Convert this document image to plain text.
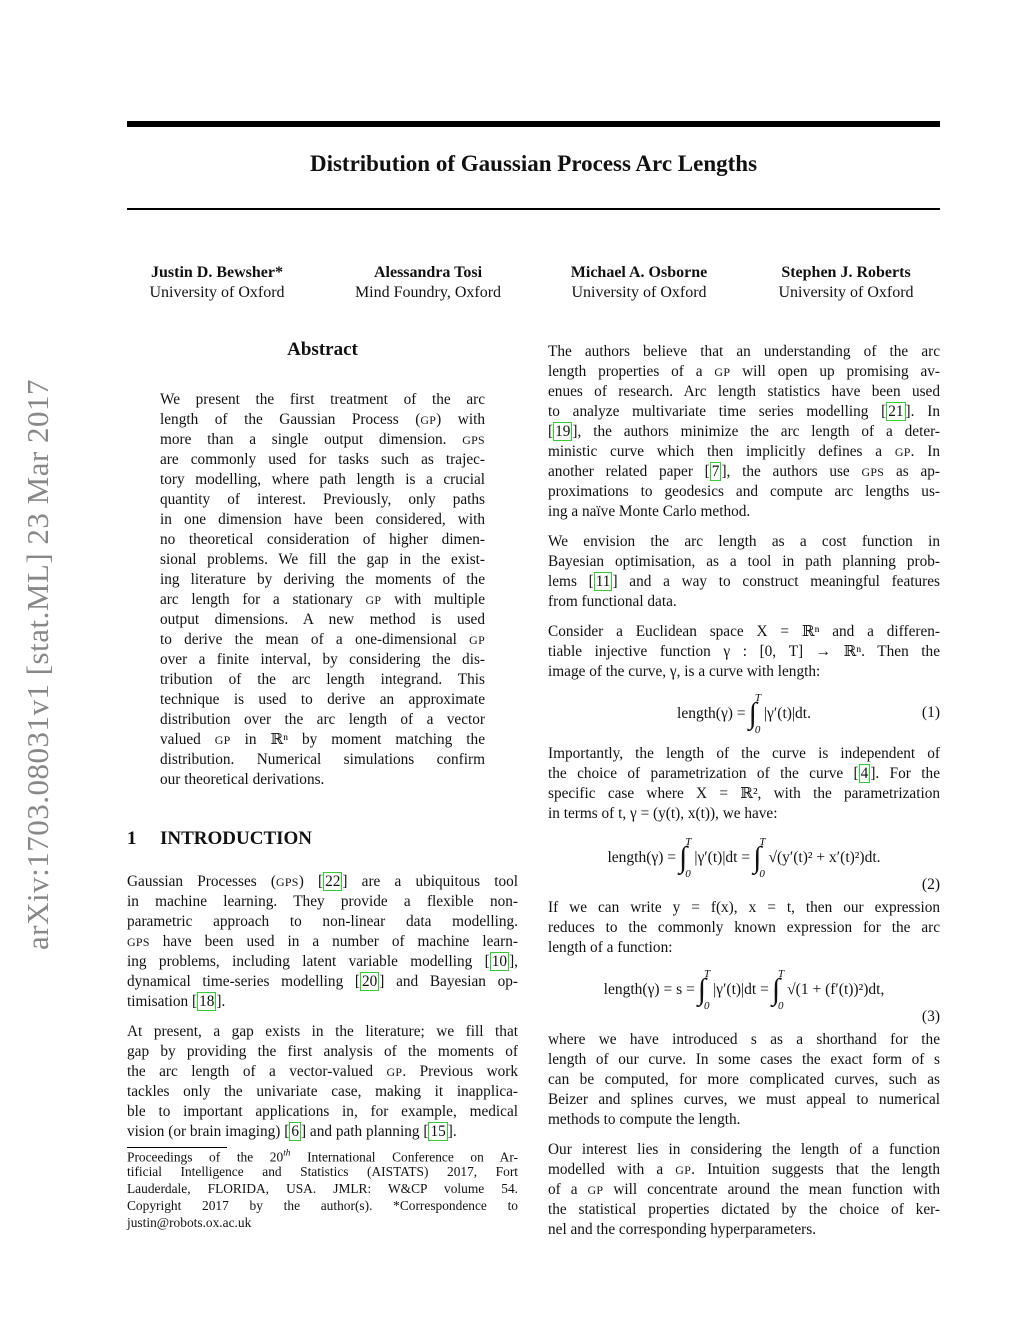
arXiv:1703.08031v1 [stat.ML] 23 Mar 2017
Distribution of Gaussian Process Arc Lengths
Justin D. Bewsher*
University of Oxford
Alessandra Tosi
Mind Foundry, Oxford
Michael A. Osborne
University of Oxford
Stephen J. Roberts
University of Oxford
Abstract
We present the first treatment of the arc
length of the Gaussian Process (GP) with
more than a single output dimension. GPS
are commonly used for tasks such as trajec-
tory modelling, where path length is a crucial
quantity of interest. Previously, only paths
in one dimension have been considered, with
no theoretical consideration of higher dimen-
sional problems. We fill the gap in the exist-
ing literature by deriving the moments of the
arc length for a stationary GP with multiple
output dimensions. A new method is used
to derive the mean of a one-dimensional GP
over a finite interval, by considering the dis-
tribution of the arc length integrand. This
technique is used to derive an approximate
distribution over the arc length of a vector
valued GP in ℝⁿ by moment matching the
distribution. Numerical simulations confirm
our theoretical derivations.
1 INTRODUCTION
Gaussian Processes (GPS) [ 22 ] are a ubiquitous tool
in machine learning. They provide a flexible non-
parametric approach to non-linear data modelling.
GPS have been used in a number of machine learn-
ing problems, including latent variable modelling [ 10 ],
dynamical time-series modelling [ 20 ] and Bayesian op-
timisation [ 18 ].
At present, a gap exists in the literature; we fill that
gap by providing the first analysis of the moments of
the arc length of a vector-valued GP. Previous work
tackles only the univariate case, making it inapplica-
ble to important applications in, for example, medical
vision (or brain imaging) [ 6 ] and path planning [ 15 ].
Proceedings of the 20th International Conference on Ar-
tificial Intelligence and Statistics (AISTATS) 2017, Fort
Lauderdale, FLORIDA, USA. JMLR: W&CP volume 54.
Copyright 2017 by the author(s). *Correspondence to
justin@robots.ox.ac.uk
The authors believe that an understanding of the arc
length properties of a GP will open up promising av-
enues of research. Arc length statistics have been used
to analyze multivariate time series modelling [ 21 ]. In
[ 19 ], the authors minimize the arc length of a deter-
ministic curve which then implicitly defines a GP. In
another related paper [ 7 ], the authors use GPS as ap-
proximations to geodesics and compute arc lengths us-
ing a naïve Monte Carlo method.
We envision the arc length as a cost function in
Bayesian optimisation, as a tool in path planning prob-
lems [ 11 ] and a way to construct meaningful features
from functional data.
Consider a Euclidean space X = ℝⁿ and a differen-
tiable injective function γ : [0, T] → ℝⁿ. Then the
image of the curve, γ, is a curve with length:
length(γ) = ∫
T
0
|γ′(t)|dt.	(1)
Importantly, the length of the curve is independent of
the choice of parametrization of the curve [ 4 ]. For the
specific case where X = ℝ², with the parametrization
in terms of t, γ = (y(t), x(t)), we have:
length(γ) = ∫
T
0
|γ′(t)|dt = ∫
T
0
√(y′(t)² + x′(t)²)dt.
(2)
If we can write y = f(x), x = t, then our expression
reduces to the commonly known expression for the arc
length of a function:
length(γ) = s = ∫
T
0
|γ′(t)|dt = ∫
T
0
√(1 + (f′(t))²)dt,
(3)
where we have introduced s as a shorthand for the
length of our curve. In some cases the exact form of s
can be computed, for more complicated curves, such as
Beizer and splines curves, we must appeal to numerical
methods to compute the length.
Our interest lies in considering the length of a function
modelled with a GP. Intuition suggests that the length
of a GP will concentrate around the mean function with
the statistical properties dictated by the choice of ker-
nel and the corresponding hyperparameters.
